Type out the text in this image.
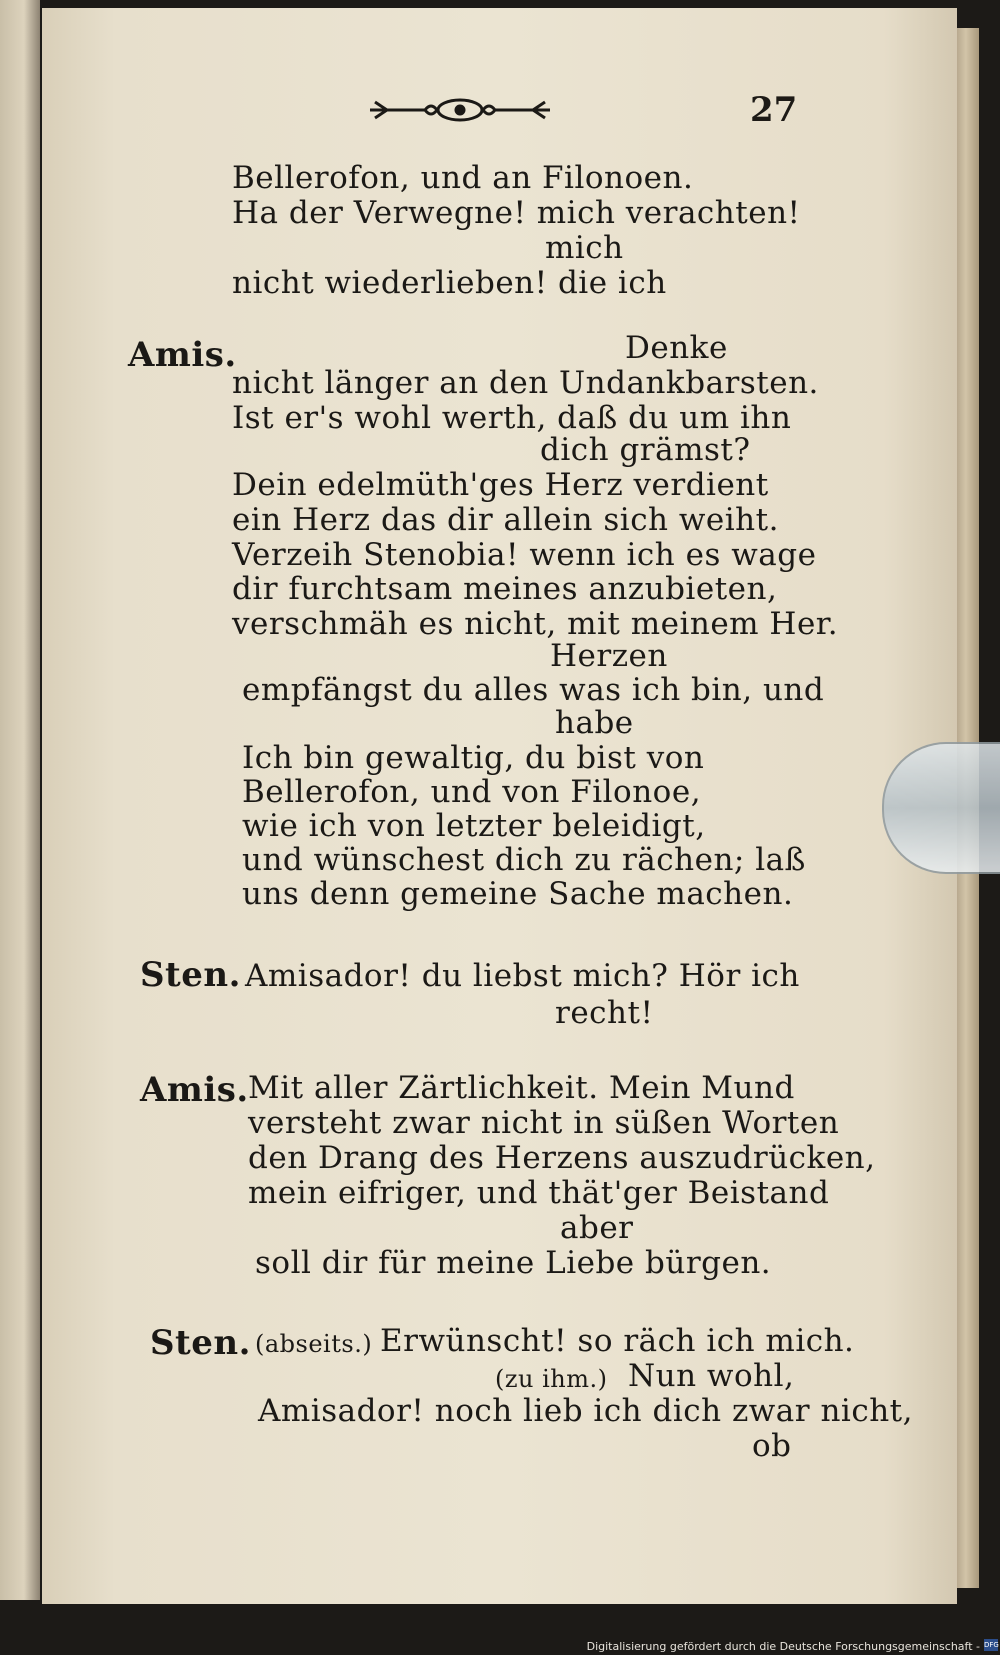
27
Bellerofon, und an Filonoen.
Ha der Verwegne! mich verachten!
mich
nicht wiederlieben! die ich
Amis.	Denke
nicht länger an den Undankbarsten.
Ist er's wohl werth, daß du um ihn
dich grämst?
Dein edelmüth'ges Herz verdient
ein Herz das dir allein sich weiht.
Verzeih Stenobia! wenn ich es wage
dir furchtsam meines anzubieten,
verschmäh es nicht, mit meinem Her.
Herzen
empfängst du alles was ich bin, und
habe
Ich bin gewaltig, du bist von
Bellerofon, und von Filonoe,
wie ich von letzter beleidigt,
und wünschest dich zu rächen; laß
uns denn gemeine Sache machen.
Sten. Amisador! du liebst mich? Hör ich
recht!
Amis. Mit aller Zärtlichkeit. Mein Mund
versteht zwar nicht in süßen Worten
den Drang des Herzens auszudrücken,
mein eifriger, und thät'ger Beistand
aber
soll dir für meine Liebe bürgen.
Sten. (abseits.) Erwünscht! so räch ich mich.
(zu ihm.) Nun wohl,
Amisador! noch lieb ich dich zwar nicht,
ob
Digitalisierung gefördert durch die Deutsche Forschungsgemeinschaft - DFG
